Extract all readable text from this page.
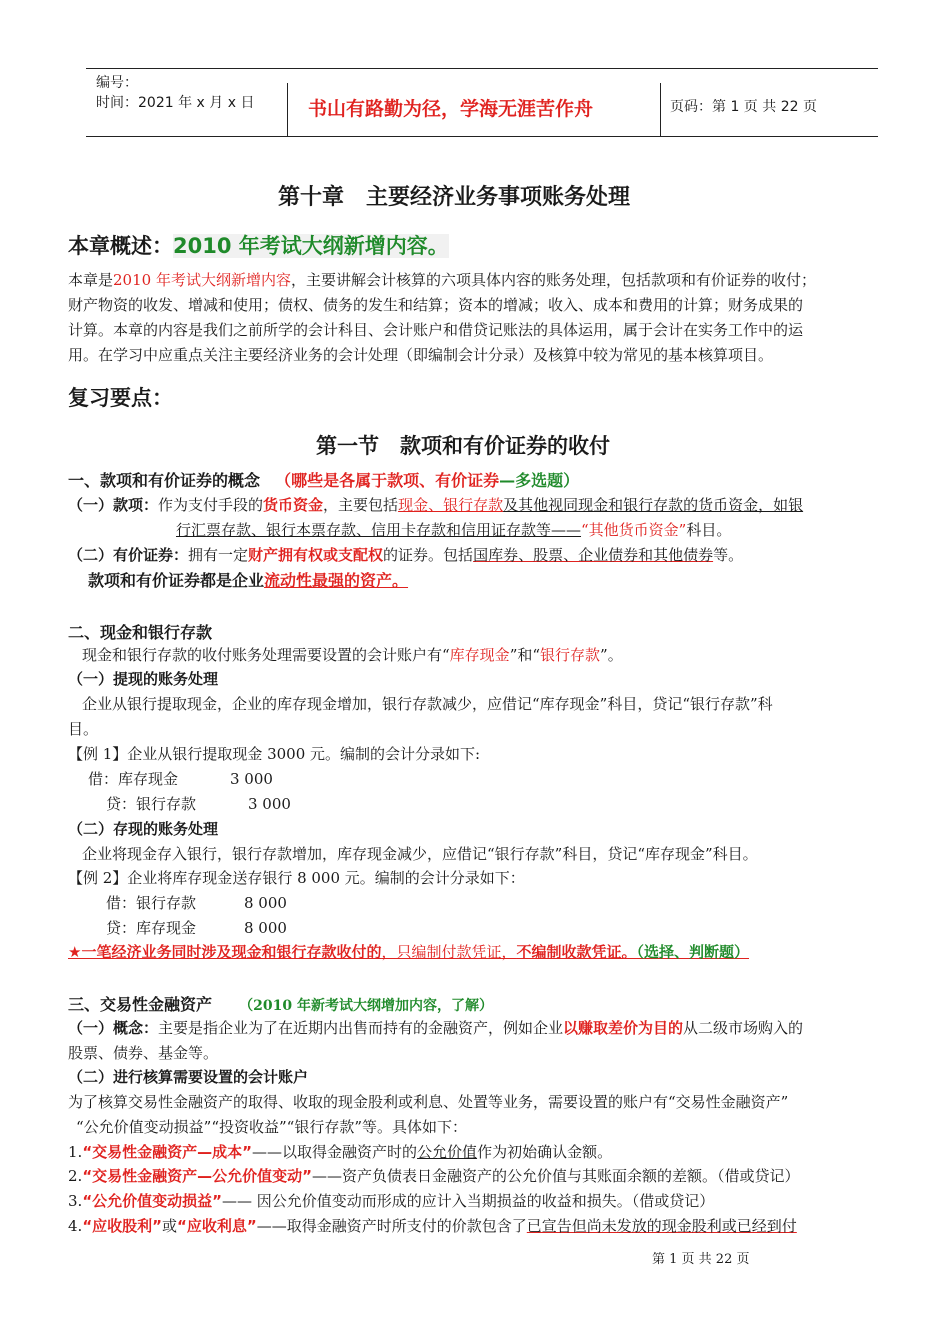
编号：
时间：2021 年 x 月 x 日	书山有路勤为径，学海无涯苦作舟	页码：第 1 页 共 22 页
第十章　主要经济业务事项账务处理
本章概述：2010 年考试大纲新增内容。
本章是2010 年考试大纲新增内容，主要讲解会计核算的六项具体内容的账务处理，包括款项和有价证券的收付；
财产物资的收发、增减和使用；债权、债务的发生和结算；资本的增减；收入、成本和费用的计算；财务成果的
计算。本章的内容是我们之前所学的会计科目、会计账户和借贷记账法的具体运用，属于会计在实务工作中的运
用。在学习中应重点关注主要经济业务的会计处理（即编制会计分录）及核算中较为常见的基本核算项目。
复习要点：
第一节　款项和有价证券的收付
一、款项和有价证券的概念 （哪些是各属于款项、有价证券—多选题）
（一）款项：作为支付手段的货币资金，主要包括现金、银行存款及其他视同现金和银行存款的货币资金，如银
行汇票存款、银行本票存款、信用卡存款和信用证存款等——“其他货币资金”科目。
（二）有价证券：拥有一定财产拥有权或支配权的证券。包括国库券、股票、企业债券和其他债券等。
款项和有价证券都是企业流动性最强的资产。
二、现金和银行存款
现金和银行存款的收付账务处理需要设置的会计账户有“库存现金”和“银行存款”。
（一）提现的账务处理
企业从银行提取现金，企业的库存现金增加，银行存款减少，应借记“库存现金”科目，贷记“银行存款”科
目。
【例 1】企业从银行提取现金 3000 元。编制的会计分录如下:
借：库存现金	3 000
贷：银行存款	3 000
（二）存现的账务处理
企业将现金存入银行，银行存款增加，库存现金减少，应借记“银行存款”科目，贷记“库存现金”科目。
【例 2】企业将库存现金送存银行 8 000 元。编制的会计分录如下：
借：银行存款	8 000
贷：库存现金	8 000
★一笔经济业务同时涉及现金和银行存款收付的，只编制付款凭证，不编制收款凭证。（选择、判断题）
三、交易性金融资产 （2010 年新考试大纲增加内容，了解）
（一）概念：主要是指企业为了在近期内出售而持有的金融资产，例如企业以赚取差价为目的从二级市场购入的
股票、债券、基金等。
（二）进行核算需要设置的会计账户
为了核算交易性金融资产的取得、收取的现金股利或利息、处置等业务，需要设置的账户有“交易性金融资产”
“公允价值变动损益”“投资收益”“银行存款”等。具体如下：
1.“交易性金融资产—成本”——以取得金融资产时的公允价值作为初始确认金额。
2.“交易性金融资产—公允价值变动”——资产负债表日金融资产的公允价值与其账面余额的差额。（借或贷记）
3.“公允价值变动损益”—— 因公允价值变动而形成的应计入当期损益的收益和损失。（借或贷记）
4.“应收股利”或“应收利息”——取得金融资产时所支付的价款包含了已宣告但尚未发放的现金股利或已经到付
第 1 页 共 22 页
